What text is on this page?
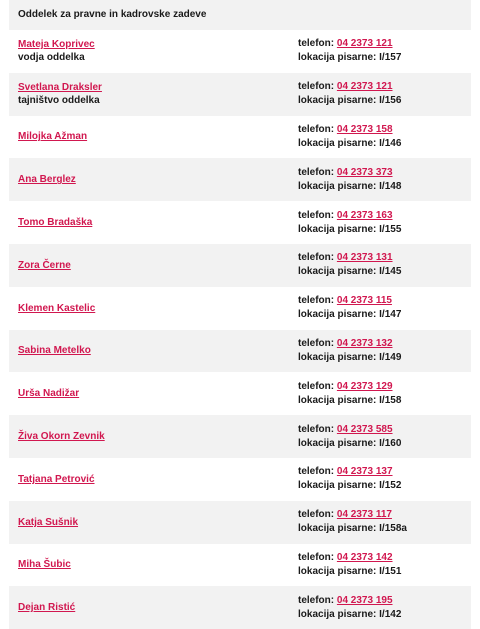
Oddelek za pravne in kadrovske zadeve
Mateja Koprivec
vodja oddelka
telefon: 04 2373 121
lokacija pisarne: I/157
Svetlana Draksler
tajništvo oddelka
telefon: 04 2373 121
lokacija pisarne: I/156
Milojka Ažman
telefon: 04 2373 158
lokacija pisarne: I/146
Ana Berglez
telefon: 04 2373 373
lokacija pisarne: I/148
Tomo Bradaška
telefon: 04 2373 163
lokacija pisarne: I/155
Zora Černe
telefon: 04 2373 131
lokacija pisarne: I/145
Klemen Kastelic
telefon: 04 2373 115
lokacija pisarne: I/147
Sabina Metelko
telefon: 04 2373 132
lokacija pisarne: I/149
Urša Nadižar
telefon: 04 2373 129
lokacija pisarne: I/158
Živa Okorn Zevnik
telefon: 04 2373 585
lokacija pisarne: I/160
Tatjana Petrović
telefon: 04 2373 137
lokacija pisarne: I/152
Katja Sušnik
telefon: 04 2373 117
lokacija pisarne: I/158a
Miha Šubic
telefon: 04 2373 142
lokacija pisarne: I/151
Dejan Ristić
telefon: 04 2373 195
lokacija pisarne: I/142
